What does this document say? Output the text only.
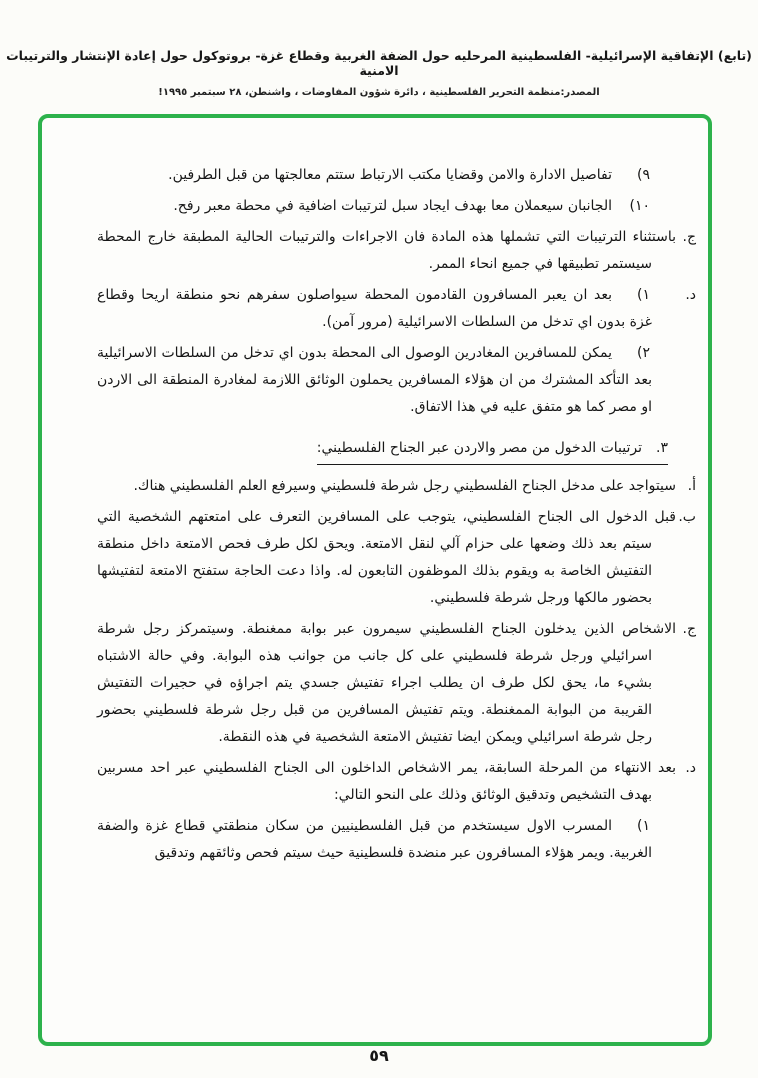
(تابع) الإتفاقية الإسرائيلية- الفلسطينية المرحليه حول الضفة الغربية وقطاع غزة- بروتوكول حول إعادة الإنتشار والترتيبات الامنية
المصدر:منظمة التحرير الفلسطينية ، دائرة شؤون المفاوضات ، واشنطن، ٢٨ سبتمبر ١٩٩٥!
٩)
تفاصيل الادارة والامن وقضايا مكتب الارتباط ستتم معالجتها من قبل الطرفين.
١٠)
الجانبان سيعملان معا بهدف ايجاد سبل لترتيبات اضافية في محطة معبر رفح.
ج.
باستثناء الترتيبات التي تشملها هذه المادة فان الاجراءات والترتيبات الحالية المطبقة خارج المحطة سيستمر تطبيقها في جميع انحاء الممر.
د.
١)
بعد ان يعبر المسافرون القادمون المحطة سيواصلون سفرهم نحو منطقة اريحا وقطاع غزة بدون اي تدخل من السلطات الاسرائيلية (مرور آمن).
٢)
يمكن للمسافرين المغادرين الوصول الى المحطة بدون اي تدخل من السلطات الاسرائيلية بعد التأكد المشترك من ان هؤلاء المسافرين يحملون الوثائق اللازمة لمغادرة المنطقة الى الاردن او مصر كما هو متفق عليه في هذا الاتفاق.
٣.ترتيبات الدخول من مصر والاردن عبر الجناح الفلسطيني:
أ.
سيتواجد على مدخل الجناح الفلسطيني رجل شرطة فلسطيني وسيرفع العلم الفلسطيني هناك.
ب.
قبل الدخول الى الجناح الفلسطيني، يتوجب على المسافرين التعرف على امتعتهم الشخصية التي سيتم بعد ذلك وضعها على حزام آلي لنقل الامتعة. ويحق لكل طرف فحص الامتعة داخل منطقة التفتيش الخاصة به ويقوم بذلك الموظفون التابعون له. واذا دعت الحاجة ستفتح الامتعة لتفتيشها بحضور مالكها ورجل شرطة فلسطيني.
ج.
الاشخاص الذين يدخلون الجناح الفلسطيني سيمرون عبر بوابة ممغنطة. وسيتمركز رجل شرطة اسرائيلي ورجل شرطة فلسطيني على كل جانب من جوانب هذه البوابة. وفي حالة الاشتباه بشيء ما، يحق لكل طرف ان يطلب اجراء تفتيش جسدي يتم اجراؤه في حجيرات التفتيش القريبة من البوابة الممغنطة. ويتم تفتيش المسافرين من قبل رجل شرطة فلسطيني بحضور رجل شرطة اسرائيلي ويمكن ايضا تفتيش الامتعة الشخصية في هذه النقطة.
د.
بعد الانتهاء من المرحلة السابقة، يمر الاشخاص الداخلون الى الجناح الفلسطيني عبر احد مسربين بهدف التشخيص وتدقيق الوثائق وذلك على النحو التالي:
١)
المسرب الاول سيستخدم من قبل الفلسطينيين من سكان منطقتي قطاع غزة والضفة الغربية. ويمر هؤلاء المسافرون عبر منضدة فلسطينية حيث سيتم فحص وثائقهم وتدقيق
٥٩
